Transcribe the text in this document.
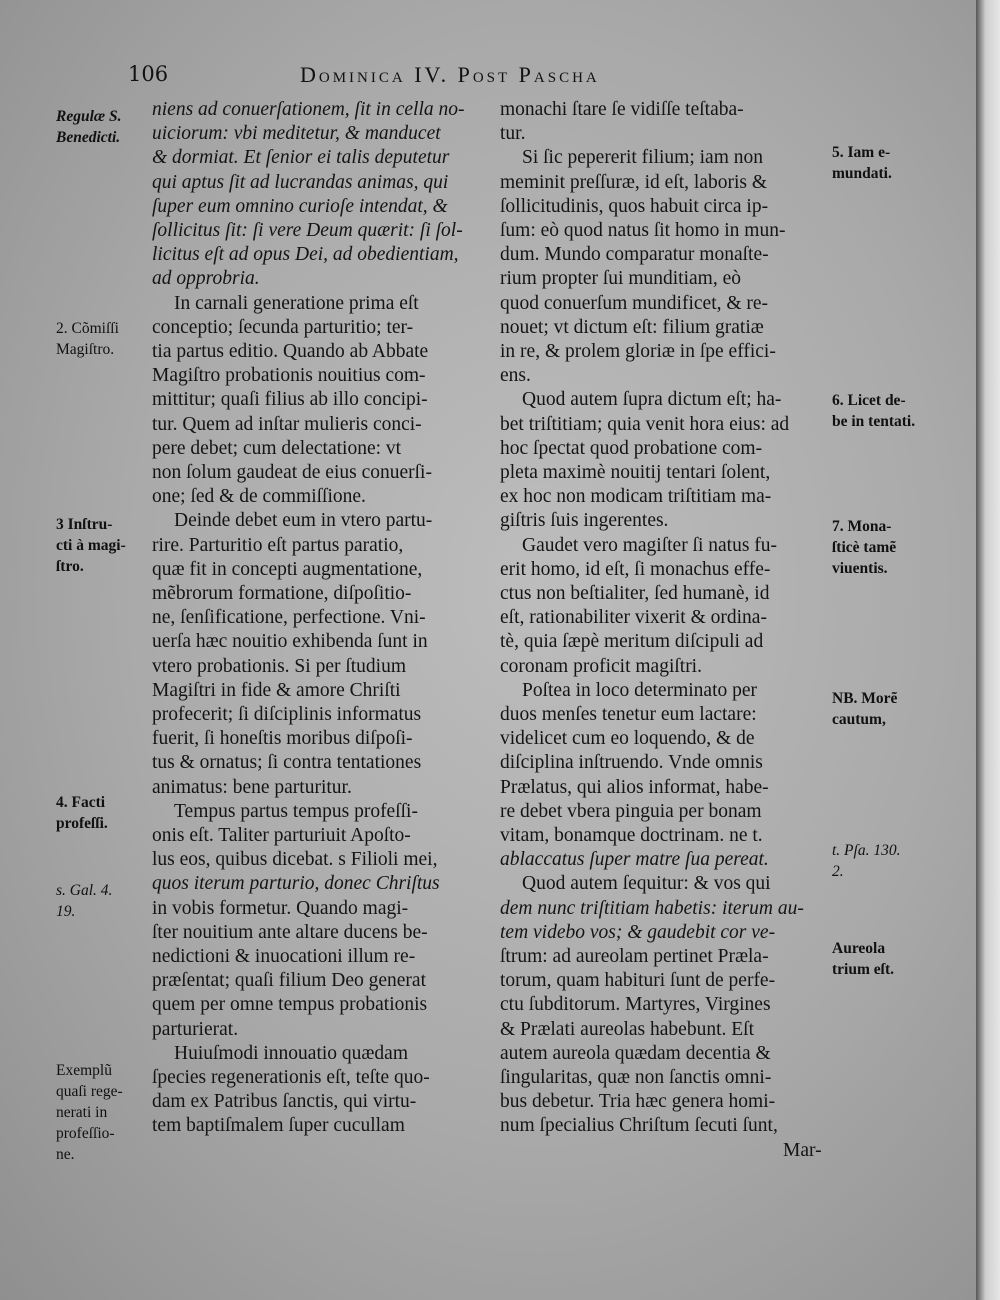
106	Dominica IV. Post Pascha
niens ad conuerſationem, ſit in cella no-
uiciorum: vbi meditetur, & manducet
& dormiat. Et ſenior ei talis deputetur
qui aptus ſit ad lucrandas animas, qui
ſuper eum omnino curioſe intendat, &
ſollicitus ſit: ſi vere Deum quærit: ſi ſol-
licitus eſt ad opus Dei, ad obedientiam,
ad opprobria.
In carnali generatione prima eſt
conceptio; ſecunda parturitio; ter-
tia partus editio. Quando ab Abbate
Magiſtro probationis nouitius com-
mittitur; quaſi filius ab illo concipi-
tur. Quem ad inſtar mulieris conci-
pere debet; cum delectatione: vt
non ſolum gaudeat de eius conuerſi-
one; ſed & de commiſſione.
Deinde debet eum in vtero partu-
rire. Parturitio eſt partus paratio,
quæ fit in concepti augmentatione,
mẽbrorum formatione, diſpoſitio-
ne, ſenſificatione, perfectione. Vni-
uerſa hæc nouitio exhibenda ſunt in
vtero probationis. Si per ſtudium
Magiſtri in fide & amore Chriſti
profecerit; ſi diſciplinis informatus
fuerit, ſi honeſtis moribus diſpoſi-
tus & ornatus; ſi contra tentationes
animatus: bene parturitur.
Tempus partus tempus profeſſi-
onis eſt. Taliter parturiuit Apoſto-
lus eos, quibus dicebat. s Filioli mei,
quos iterum parturio, donec Chriſtus
in vobis formetur. Quando magi-
ſter nouitium ante altare ducens be-
nedictioni & inuocationi illum re-
præſentat; quaſi filium Deo generat
quem per omne tempus probationis
parturierat.
Huiuſmodi innouatio quædam
ſpecies regenerationis eſt, teſte quo-
dam ex Patribus ſanctis, qui virtu-
tem baptiſmalem ſuper cucullam
monachi ſtare ſe vidiſſe teſtaba-
tur.
Si ſic pepererit filium; iam non
meminit preſſuræ, id eſt, laboris &
ſollicitudinis, quos habuit circa ip-
ſum: eò quod natus ſit homo in mun-
dum. Mundo comparatur monaſte-
rium propter ſui munditiam, eò
quod conuerſum mundificet, & re-
nouet; vt dictum eſt: filium gratiæ
in re, & prolem gloriæ in ſpe effici-
ens.
Quod autem ſupra dictum eſt; ha-
bet triſtitiam; quia venit hora eius: ad
hoc ſpectat quod probatione com-
pleta maximè nouitij tentari ſolent,
ex hoc non modicam triſtitiam ma-
giſtris ſuis ingerentes.
Gaudet vero magiſter ſi natus fu-
erit homo, id eſt, ſi monachus effe-
ctus non beſtialiter, ſed humanè, id
eſt, rationabiliter vixerit & ordina-
tè, quia ſæpè meritum diſcipuli ad
coronam proficit magiſtri.
Poſtea in loco determinato per
duos menſes tenetur eum lactare:
videlicet cum eo loquendo, & de
diſciplina inſtruendo. Vnde omnis
Prælatus, qui alios informat, habe-
re debet vbera pinguia per bonam
vitam, bonamque doctrinam. ne t.
ablaccatus ſuper matre ſua pereat.
Quod autem ſequitur: & vos qui
dem nunc triſtitiam habetis: iterum au-
tem videbo vos; & gaudebit cor ve-
ſtrum: ad aureolam pertinet Præla-
torum, quam habituri ſunt de perfe-
ctu ſubditorum. Martyres, Virgines
& Prælati aureolas habebunt. Eſt
autem aureola quædam decentia &
ſingularitas, quæ non ſanctis omni-
bus debetur. Tria hæc genera homi-
num ſpecialius Chriſtum ſecuti ſunt,
Regulæ S.
Benedicti.
2. Cõmiſſi
Magiſtro.
3 Inſtru-
cti à magi-
ſtro.
4. Facti
profeſſi.
s. Gal. 4.
19.
Exemplũ
quaſi rege-
nerati in
profeſſio-
ne.
5. Iam e-
mundati.
6. Licet de-
be in tentati.
7. Mona-
ſticè tamẽ
viuentis.
NB. Morẽ
cautum,
t. Pſa. 130.
2.
Aureola
trium eſt.
Mar-
